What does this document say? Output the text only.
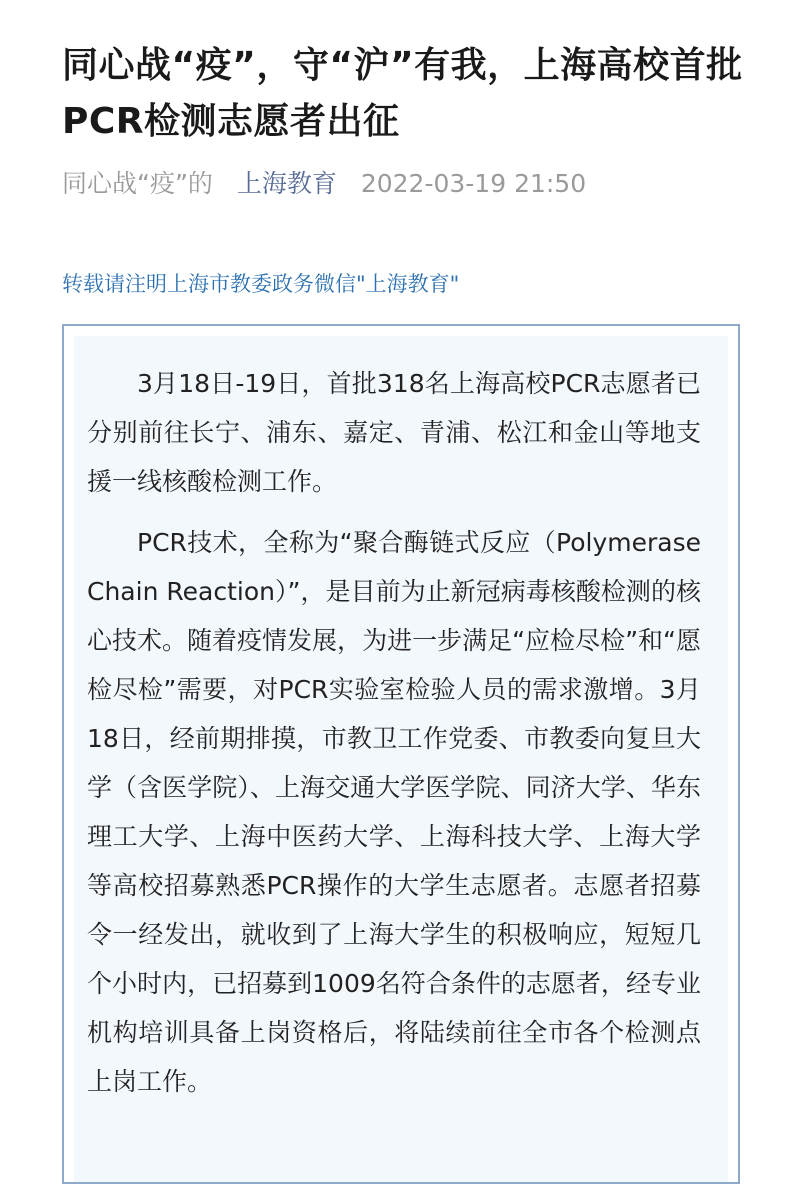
同心战“疫”，守“沪”有我，上海高校首批PCR检测志愿者出征
同心战“疫”的 上海教育 2022-03-19 21:50
转载请注明上海市教委政务微信"上海教育"

3月18日-19日，首批318名上海高校PCR志愿者已分别前往长宁、浦东、嘉定、青浦、松江和金山等地支援一线核酸检测工作。

PCR技术，全称为“聚合酶链式反应（Polymerase Chain Reaction）”，是目前为止新冠病毒核酸检测的核心技术。随着疫情发展，为进一步满足“应检尽检”和“愿检尽检”需要，对PCR实验室检验人员的需求激增。3月18日，经前期排摸，市教卫工作党委、市教委向复旦大学（含医学院）、上海交通大学医学院、同济大学、华东理工大学、上海中医药大学、上海科技大学、上海大学等高校招募熟悉PCR操作的大学生志愿者。志愿者招募令一经发出，就收到了上海大学生的积极响应，短短几个小时内，已招募到1009名符合条件的志愿者，经专业机构培训具备上岗资格后，将陆续前往全市各个检测点上岗工作。
